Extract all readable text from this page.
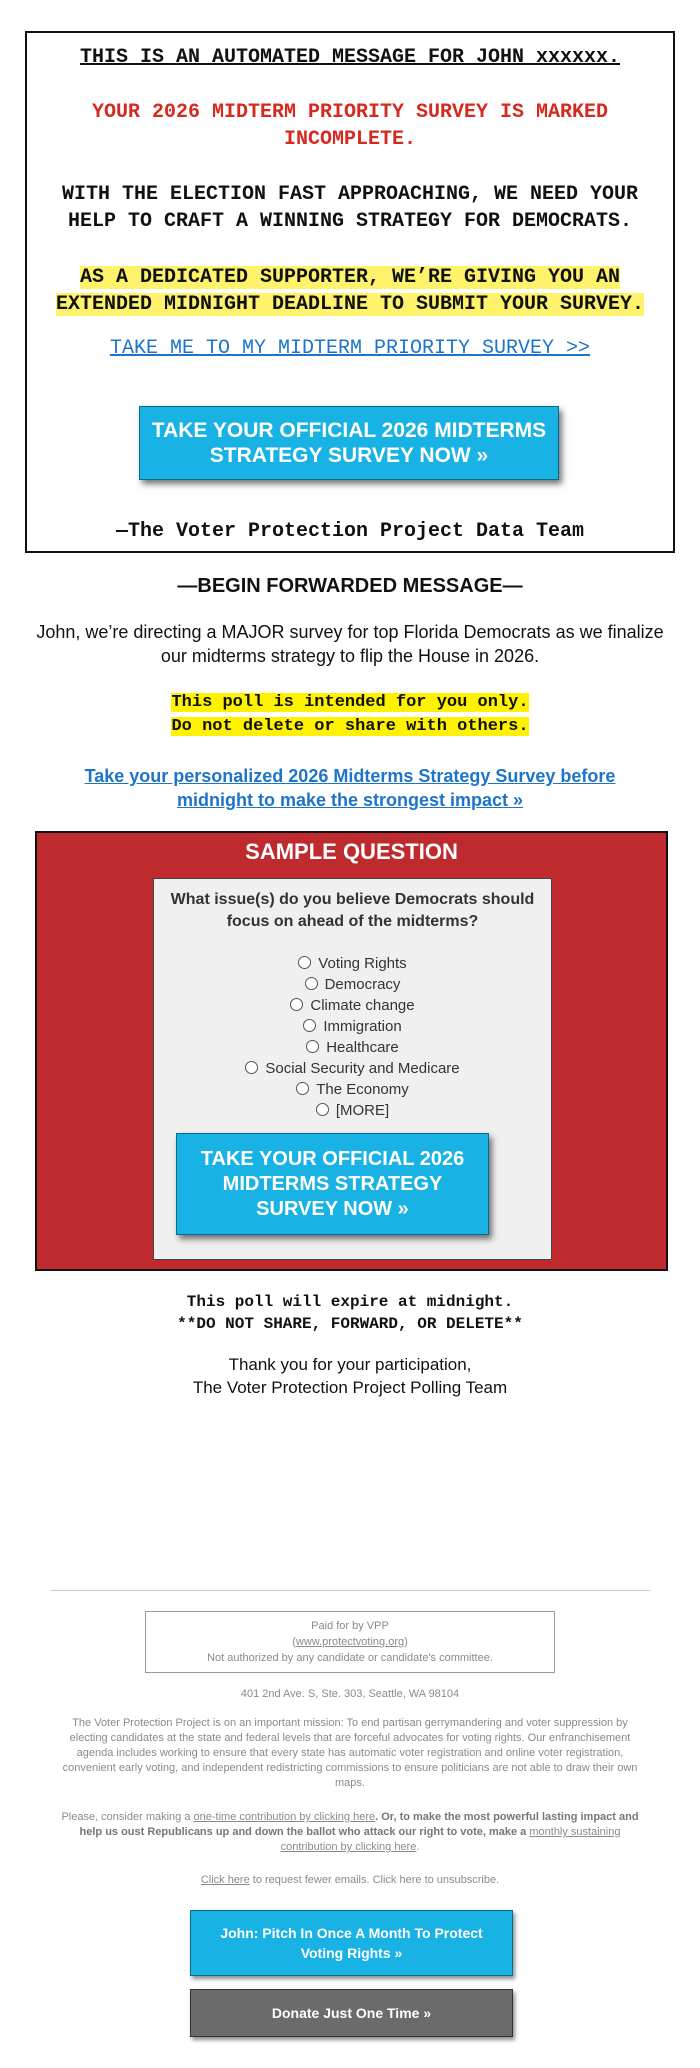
THIS IS AN AUTOMATED MESSAGE FOR JOHN xxxxxx.
YOUR 2026 MIDTERM PRIORITY SURVEY IS MARKED INCOMPLETE.
WITH THE ELECTION FAST APPROACHING, WE NEED YOUR HELP TO CRAFT A WINNING STRATEGY FOR DEMOCRATS.
AS A DEDICATED SUPPORTER, WE’RE GIVING YOU AN EXTENDED MIDNIGHT DEADLINE TO SUBMIT YOUR SURVEY.
TAKE ME TO MY MIDTERM PRIORITY SURVEY >>
TAKE YOUR OFFICIAL 2026 MIDTERMS STRATEGY SURVEY NOW »
—The Voter Protection Project Data Team
—BEGIN FORWARDED MESSAGE—
John, we’re directing a MAJOR survey for top Florida Democrats as we finalize our midterms strategy to flip the House in 2026.
This poll is intended for you only.
Do not delete or share with others.
Take your personalized 2026 Midterms Strategy Survey before midnight to make the strongest impact »
SAMPLE QUESTION
What issue(s) do you believe Democrats should focus on ahead of the midterms?
Voting Rights
Democracy
Climate change
Immigration
Healthcare
Social Security and Medicare
The Economy
[MORE]
TAKE YOUR OFFICIAL 2026 MIDTERMS STRATEGY SURVEY NOW »
This poll will expire at midnight.
**DO NOT SHARE, FORWARD, OR DELETE**
Thank you for your participation,
The Voter Protection Project Polling Team
Paid for by VPP
(www.protectvoting.org)
Not authorized by any candidate or candidate's committee.
401 2nd Ave. S, Ste. 303, Seattle, WA 98104
The Voter Protection Project is on an important mission: To end partisan gerrymandering and voter suppression by electing candidates at the state and federal levels that are forceful advocates for voting rights. Our enfranchisement agenda includes working to ensure that every state has automatic voter registration and online voter registration, convenient early voting, and independent redistricting commissions to ensure politicians are not able to draw their own maps.
Please, consider making a one-time contribution by clicking here. Or, to make the most powerful lasting impact and help us oust Republicans up and down the ballot who attack our right to vote, make a monthly sustaining contribution by clicking here.
Click here to request fewer emails. Click here to unsubscribe.
John: Pitch In Once A Month To Protect Voting Rights »
Donate Just One Time »
